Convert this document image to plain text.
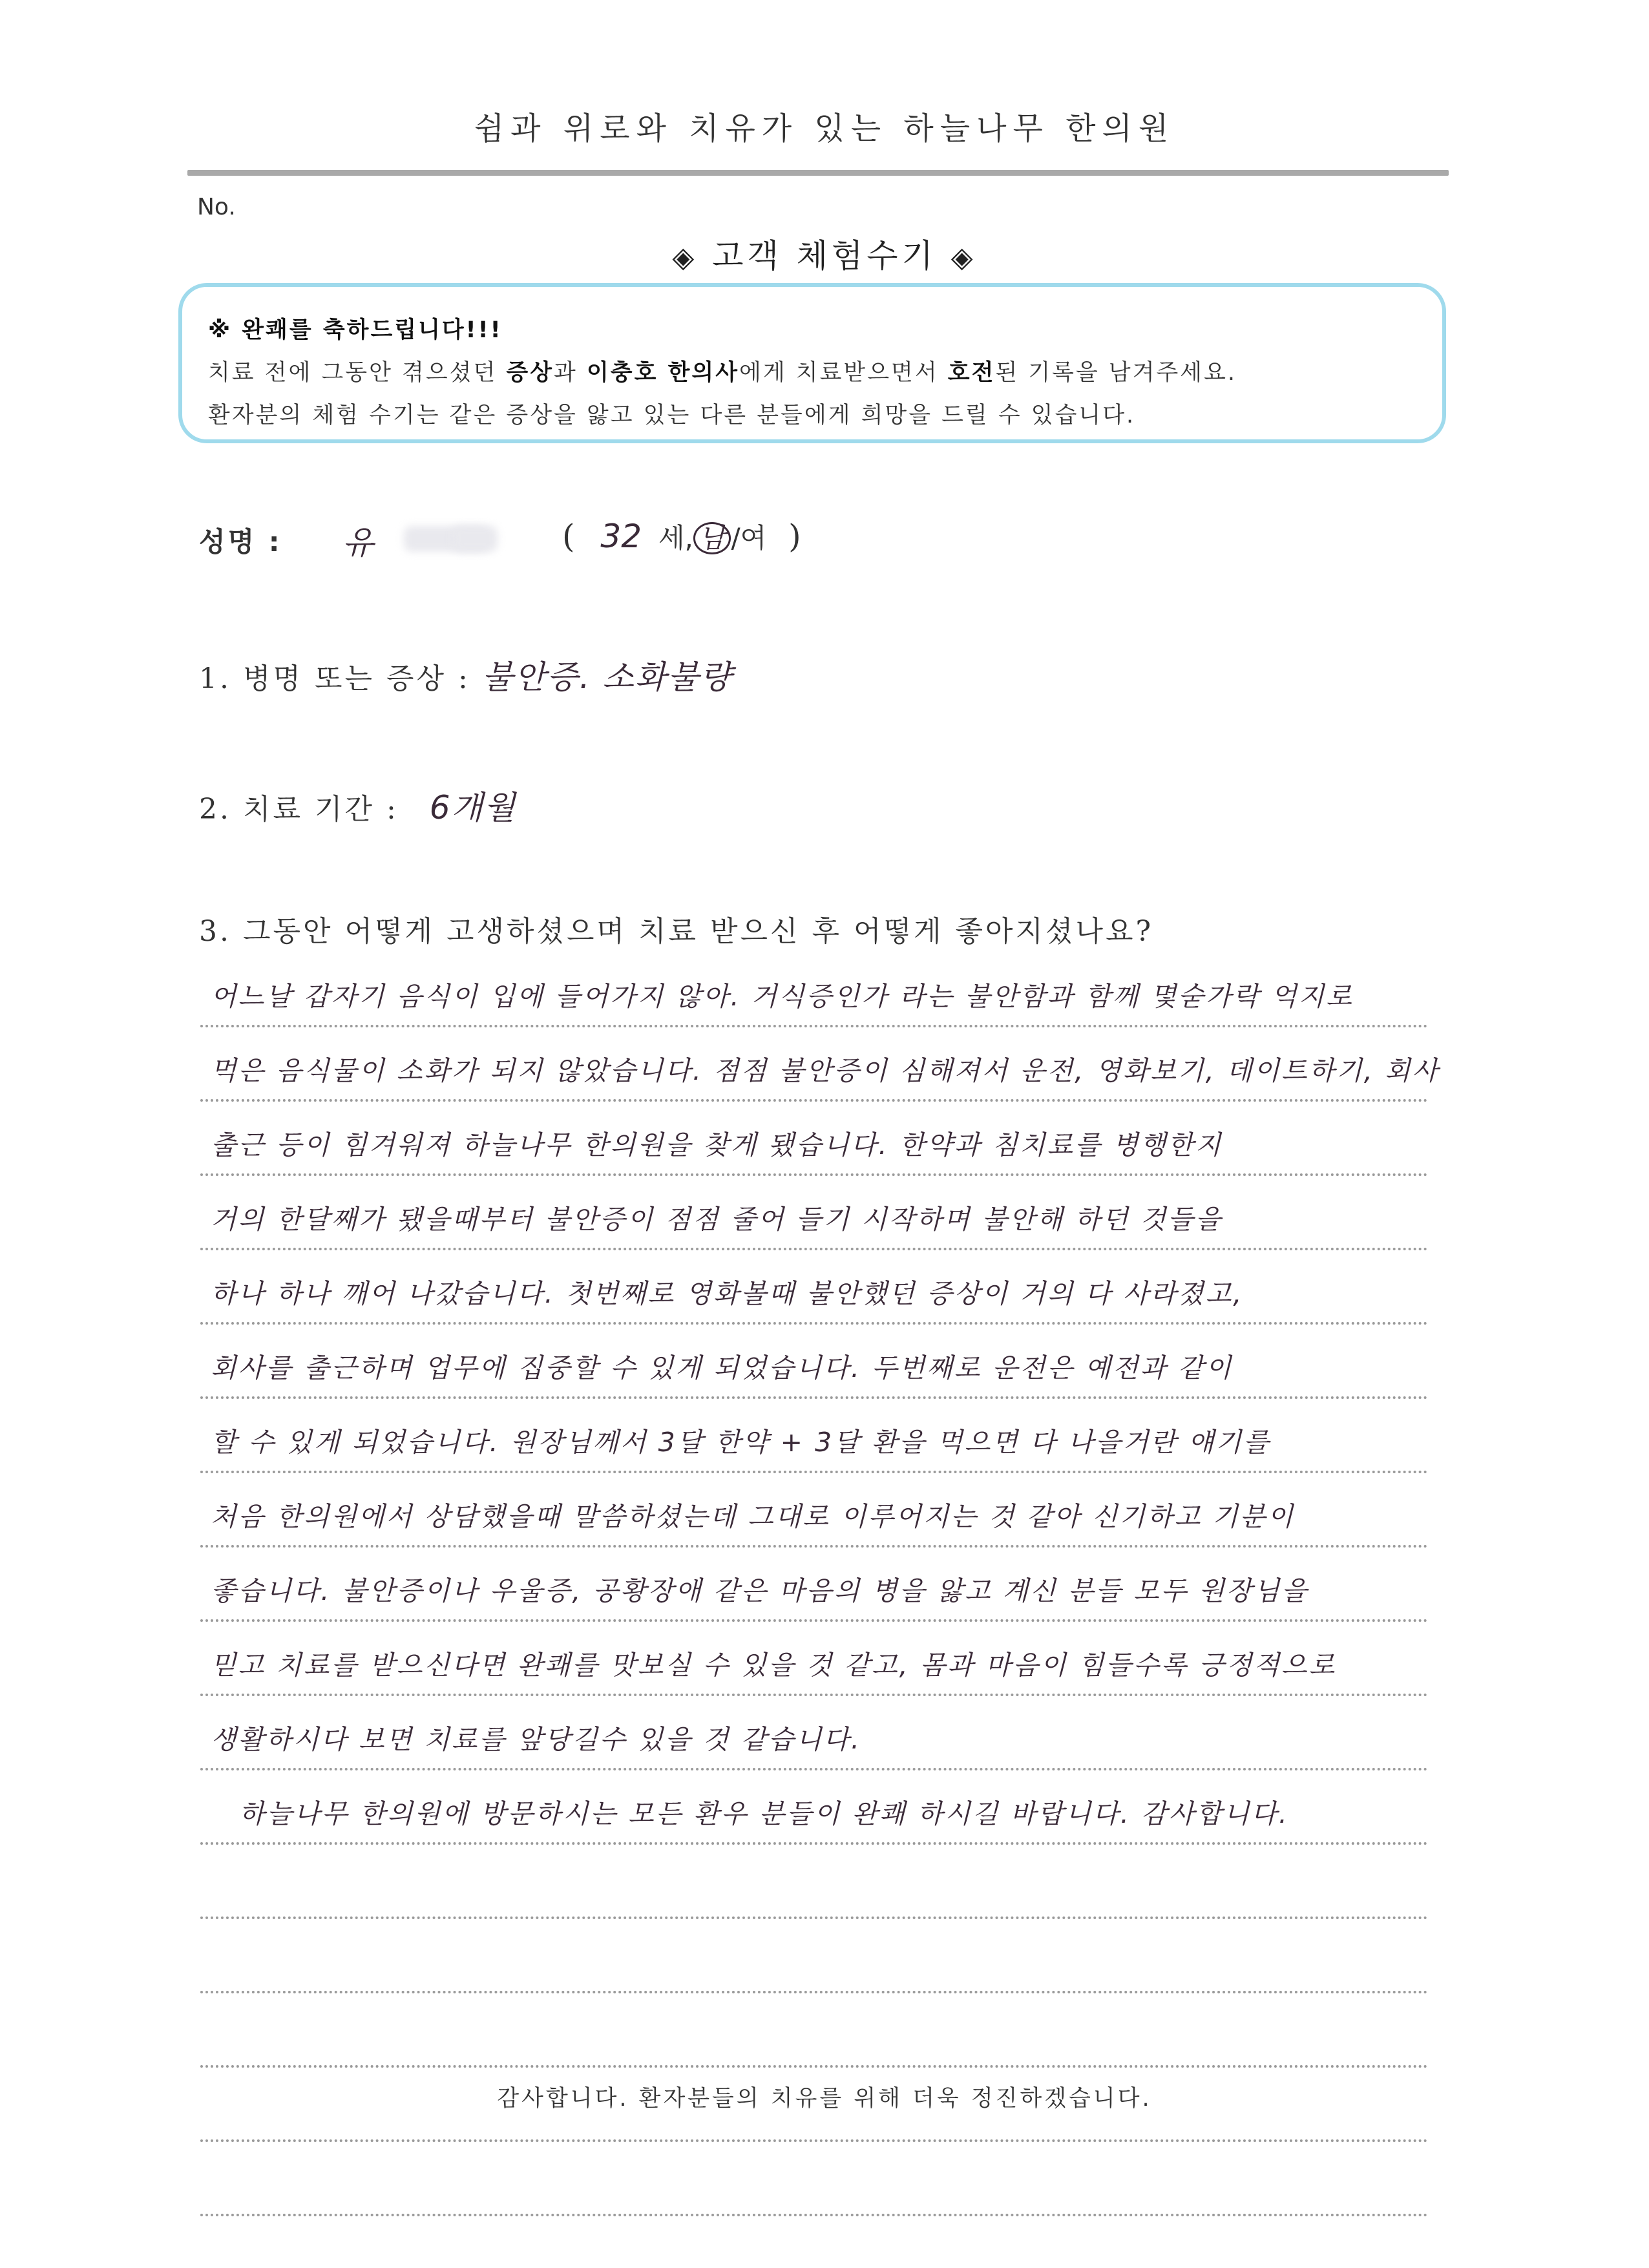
쉼과 위로와 치유가 있는 하늘나무 한의원
No.
◈ 고객 체험수기 ◈
※ 완쾌를 축하드립니다!!!
치료 전에 그동안 겪으셨던 증상과 이충호 한의사에게 치료받으면서 호전된 기록을 남겨주세요.
환자분의 체험 수기는 같은 증상을 앓고 있는 다른 분들에게 희망을 드릴 수 있습니다.
성명 : 유	( 32 세, 남 /여 )
1. 병명 또는 증상 : 불안증. 소화불량
2. 치료 기간 : 6개월
3. 그동안 어떻게 고생하셨으며 치료 받으신 후 어떻게 좋아지셨나요?
어느날 갑자기 음식이 입에 들어가지 않아. 거식증인가 라는 불안함과 함께 몇숟가락 억지로
먹은 음식물이 소화가 되지 않았습니다. 점점 불안증이 심해져서 운전, 영화보기, 데이트하기, 회사
출근 등이 힘겨워져 하늘나무 한의원을 찾게 됐습니다. 한약과 침치료를 병행한지
거의 한달째가 됐을때부터 불안증이 점점 줄어 들기 시작하며 불안해 하던 것들을
하나 하나 깨어 나갔습니다. 첫번째로 영화볼때 불안했던 증상이 거의 다 사라졌고,
회사를 출근하며 업무에 집중할 수 있게 되었습니다. 두번째로 운전은 예전과 같이
할 수 있게 되었습니다. 원장님께서 3달 한약 + 3달 환을 먹으면 다 나을거란 얘기를
처음 한의원에서 상담했을때 말씀하셨는데 그대로 이루어지는 것 같아 신기하고 기분이
좋습니다. 불안증이나 우울증, 공황장애 같은 마음의 병을 앓고 계신 분들 모두 원장님을
믿고 치료를 받으신다면 완쾌를 맛보실 수 있을 것 같고, 몸과 마음이 힘들수록 긍정적으로
생활하시다 보면 치료를 앞당길수 있을 것 같습니다.
하늘나무 한의원에 방문하시는 모든 환우 분들이 완쾌 하시길 바랍니다. 감사합니다.
감사합니다. 환자분들의 치유를 위해 더욱 정진하겠습니다.
